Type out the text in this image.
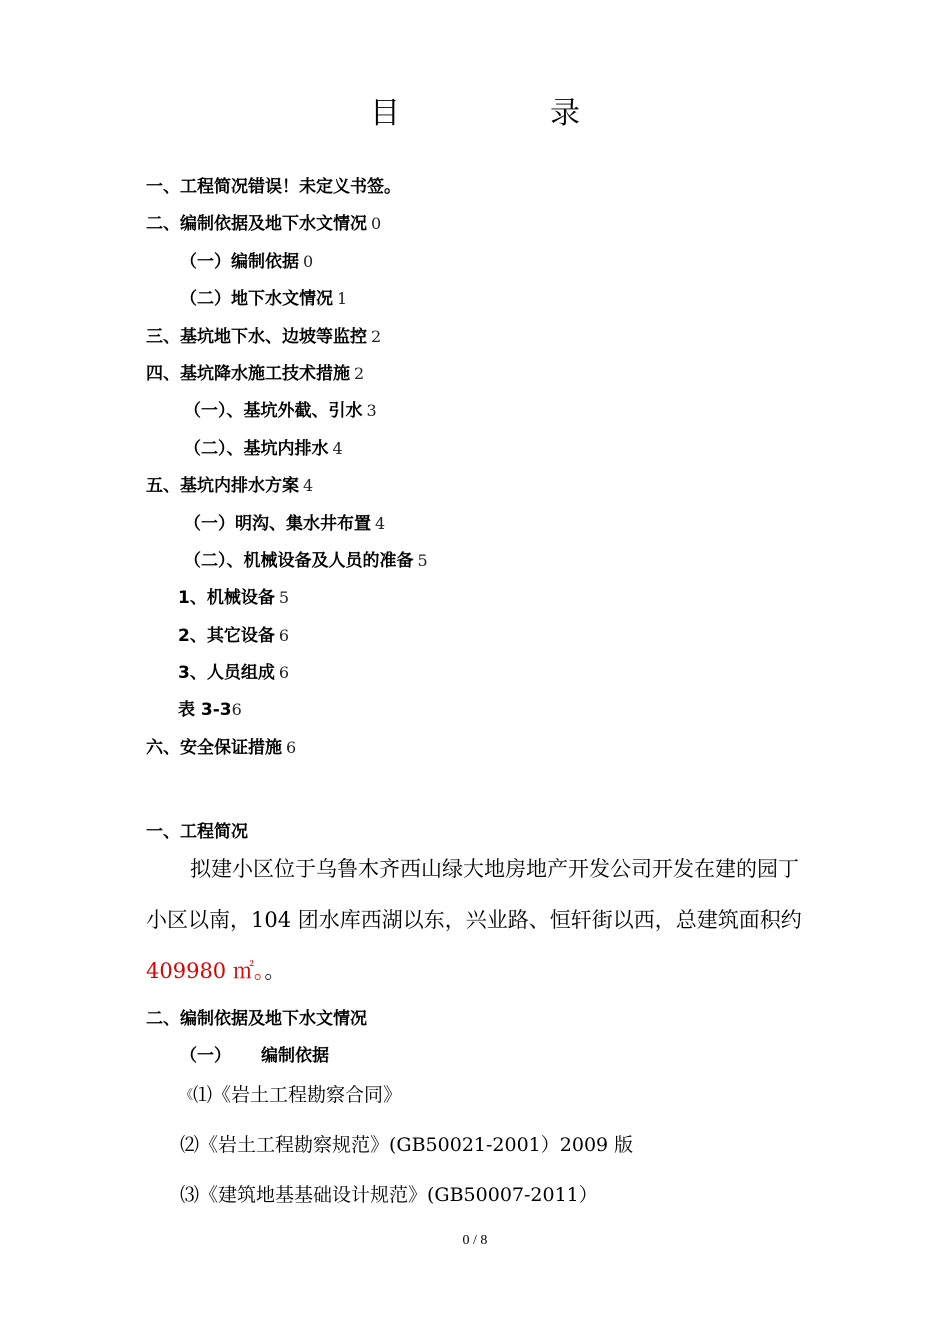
目	录
一、工程简况错误！未定义书签。
二、编制依据及地下水文情况 0
（一）编制依据 0
（二）地下水文情况 1
三、基坑地下水、边坡等监控 2
四、基坑降水施工技术措施 2
（一）、基坑外截、引水 3
（二）、基坑内排水 4
五、基坑内排水方案 4
（一）明沟、集水井布置 4
（二）、机械设备及人员的准备 5
1、机械设备 5
2、其它设备 6
3、人员组成 6
表 3-36
六、安全保证措施 6
一、工程简况
拟建小区位于乌鲁木齐西山绿大地房地产开发公司开发在建的园丁小区以南，104 团水库西湖以东，兴业路、恒轩街以西，总建筑面积约409980 ㎡。。
二、编制依据及地下水文情况
（一） 编制依据
《⑴《岩土工程勘察合同》
⑵《岩土工程勘察规范》(GB50021-2001）2009 版
⑶《建筑地基基础设计规范》(GB50007-2011）
0 / 8
